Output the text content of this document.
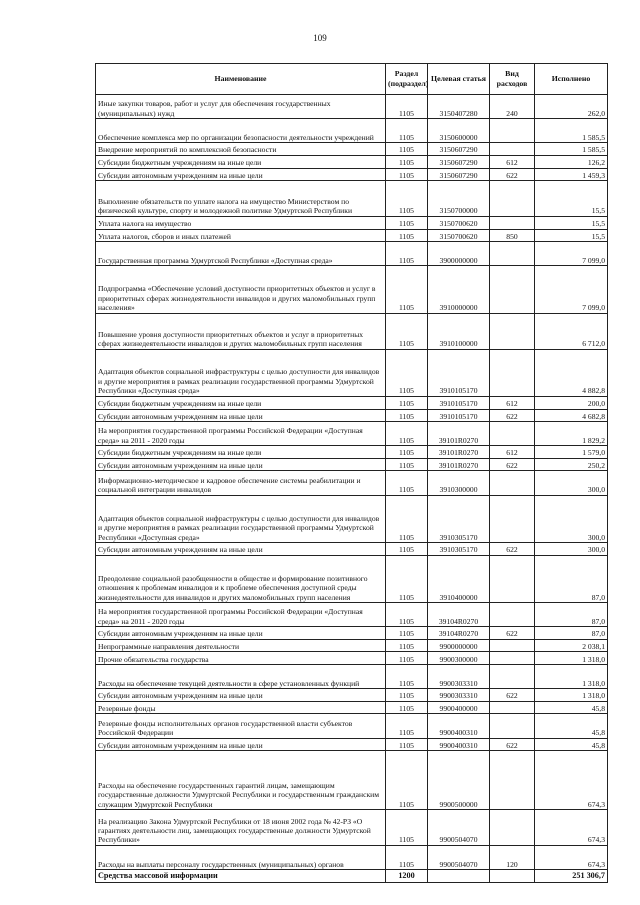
109
Наименование	Раздел (подраздел)	Целевая статья	Вид расходов	Исполнено
Иные закупки товаров, работ и услуг для обеспечения государственных (муниципальных) нужд	1105	3150407280	240	262,0
Обеспечение комплекса мер по организации безопасности деятельности учреждений	1105	3150600000		1 585,5
Внедрение мероприятий по комплексной безопасности	1105	3150607290		1 585,5
Субсидии бюджетным учреждениям на иные цели	1105	3150607290	612	126,2
Субсидии автономным учреждениям на иные цели	1105	3150607290	622	1 459,3
Выполнение обязательств по уплате налога на имущество Министерством по физической культуре, спорту и молодежной политике Удмуртской Республики	1105	3150700000		15,5
Уплата налога на имущество	1105	3150700620		15,5
Уплата налогов, сборов и иных платежей	1105	3150700620	850	15,5
Государственная программа Удмуртской Республики «Доступная среда»	1105	3900000000		7 099,0
Подпрограмма «Обеспечение условий доступности приоритетных объектов и услуг в приоритетных сферах жизнедеятельности инвалидов и других маломобильных групп населения»	1105	3910000000		7 099,0
Повышение уровня доступности приоритетных объектов и услуг в приоритетных сферах жизнедеятельности инвалидов и других маломобильных групп населения	1105	3910100000		6 712,0
Адаптация объектов социальной инфраструктуры с целью доступности для инвалидов и другие мероприятия в рамках реализации государственной программы Удмуртской Республики «Доступная среда»	1105	3910105170		4 882,8
Субсидии бюджетным учреждениям на иные цели	1105	3910105170	612	200,0
Субсидии автономным учреждениям на иные цели	1105	3910105170	622	4 682,8
На мероприятия государственной программы Российской Федерации «Доступная среда» на 2011 - 2020 годы	1105	39101R0270		1 829,2
Субсидии бюджетным учреждениям на иные цели	1105	39101R0270	612	1 579,0
Субсидии автономным учреждениям на иные цели	1105	39101R0270	622	250,2
Информационно-методическое и кадровое обеспечение системы реабилитации и социальной интеграции инвалидов	1105	3910300000		300,0
Адаптация объектов социальной инфраструктуры с целью доступности для инвалидов и другие мероприятия в рамках реализации государственной программы Удмуртской Республики «Доступная среда»	1105	3910305170		300,0
Субсидии автономным учреждениям на иные цели	1105	3910305170	622	300,0
Преодоление социальной разобщенности в обществе и формирование позитивного отношения к проблемам инвалидов и к проблеме обеспечения доступной среды жизнедеятельности для инвалидов и других маломобильных групп населения	1105	3910400000		87,0
На мероприятия государственной программы Российской Федерации «Доступная среда» на 2011 - 2020 годы	1105	39104R0270		87,0
Субсидии автономным учреждениям на иные цели	1105	39104R0270	622	87,0
Непрограммные направления деятельности	1105	9900000000		2 038,1
Прочие обязательства государства	1105	9900300000		1 318,0
Расходы на обеспечение текущей деятельности в сфере установленных функций	1105	9900303310		1 318,0
Субсидии автономным учреждениям на иные цели	1105	9900303310	622	1 318,0
Резервные фонды	1105	9900400000		45,8
Резервные фонды исполнительных органов государственной власти субъектов Российской Федерации	1105	9900400310		45,8
Субсидии автономным учреждениям на иные цели	1105	9900400310	622	45,8
Расходы на обеспечение государственных гарантий лицам, замещающим государственные должности Удмуртской Республики и государственным гражданским служащим Удмуртской Республики	1105	9900500000		674,3
На реализацию Закона Удмуртской Республики от 18 июня 2002 года № 42-РЗ «О гарантиях деятельности лиц, замещающих государственные должности Удмуртской Республики»	1105	9900504070		674,3
Расходы на выплаты персоналу государственных (муниципальных) органов	1105	9900504070	120	674,3
Средства массовой информации	1200			251 306,7
